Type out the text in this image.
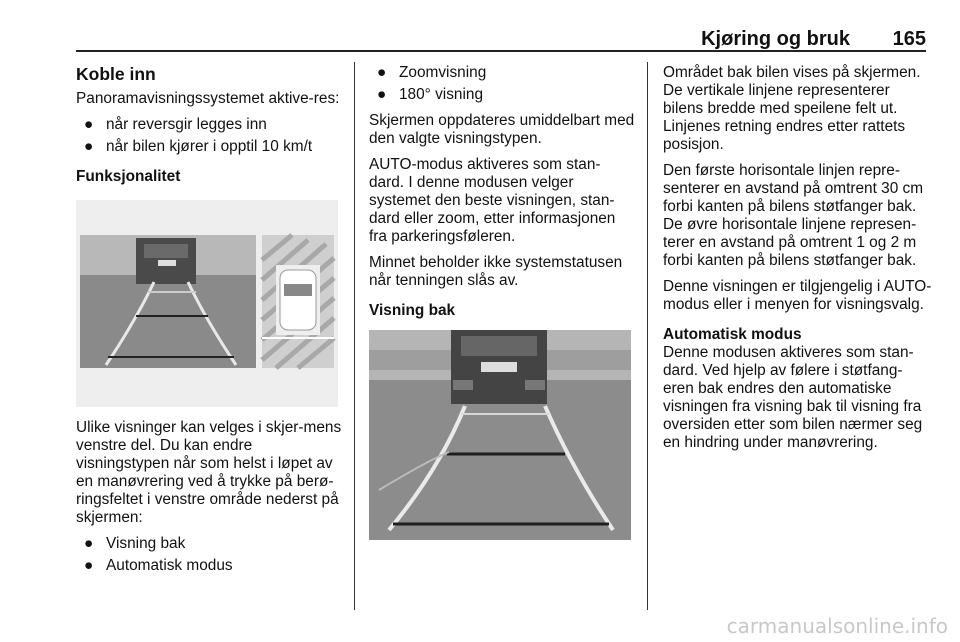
Kjøring og bruk 165
Koble inn

Panoramavisningssystemet aktive-res:

● når reversgir legges inn
● når bilen kjører i opptil 10 km/t
Funksjonalitet

Ulike visninger kan velges i skjer-mens venstre del. Du kan endre visningstypen når som helst i løpet av en manøvrering ved å trykke på berø-ringsfeltet i venstre område nederst på skjermen:

● Visning bak
● Automatisk modus
● Zoomvisning
● 180° visning

Skjermen oppdateres umiddelbart med den valgte visningstypen.

AUTO-modus aktiveres som stan-dard. I denne modusen velger systemet den beste visningen, stan-dard eller zoom, etter informasjonen fra parkeringsføleren.

Minnet beholder ikke systemstatusen når tenningen slås av.

Visning bak

Området bak bilen vises på skjermen. De vertikale linjene representerer bilens bredde med speilene felt ut. Linjenes retning endres etter rattets posisjon.

Den første horisontale linjen repre-senterer en avstand på omtrent 30 cm forbi kanten på bilens støtfanger bak. De øvre horisontale linjene represen-terer en avstand på omtrent 1 og 2 m forbi kanten på bilens støtfanger bak.

Denne visningen er tilgjengelig i AUTO-modus eller i menyen for visningsvalg.

Automatisk modus

Denne modusen aktiveres som stan-dard. Ved hjelp av følere i støtfang-eren bak endres den automatiske visningen fra visning bak til visning fra oversiden etter som bilen nærmer seg en hindring under manøvrering.

carmanualsonline.info
